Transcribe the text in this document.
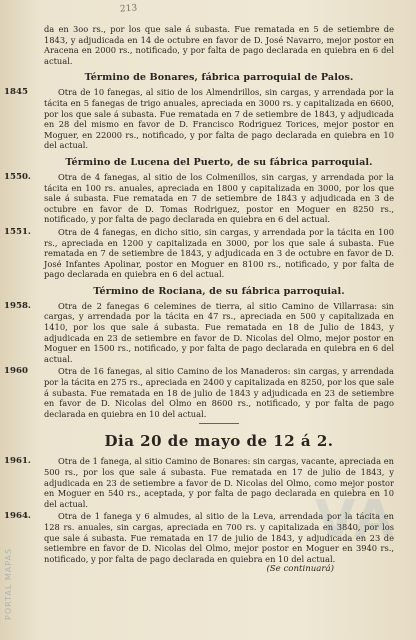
213

da en 3oo rs., por los que sale á subasta. Fue rematada en 5 de setiembre de 1843, y adjudicada en 14 de octubre en favor de D. José Navarro, mejor postor en Aracena en 2000 rs., notificado, y por falta de pago declarada en quiebra en 6 del actual.

Término de Bonares, fábrica parroquial de Palos.

1845	Otra de 10 fanegas, al sitio de los Almendrillos, sin cargas, y arrendada por la tácita en 5 fanegas de trigo anuales, apreciada en 3000 rs. y capitalizada en 6600, por los que sale á subasta. Fue rematada en 7 de setiembre de 1843, y adjudicada en 28 del mismo en favor de D. Francisco Rodriguez Torices, mejor postor en Moguer, en 22000 rs., notificado, y por falta de pago declarada en quiebra en 10 del actual.

Término de Lucena del Puerto, de su fábrica parroquial.

1550.	Otra de 4 fanegas, al sitio de los Colmenillos, sin cargas, y arrendada por la tácita en 100 rs. anuales, apreciada en 1800 y capitalizada en 3000, por los que sale á subasta. Fue rematada en 7 de setiembre de 1843 y adjudicada en 3 de octubre en favor de D. Tomas Rodriguez, postor en Moguer en 8250 rs., notificado, y por falta de pago declarada en quiebra en 6 del actual.

1551.	Otra de 4 fanegas, en dicho sitio, sin cargas, y arrendada por la tácita en 100 rs., apreciada en 1200 y capitalizada en 3000, por los que sale á subasta. Fue rematada en 7 de setiembre de 1843, y adjudicada en 3 de octubre en favor de D. José Infantes Apolinar, postor en Moguer en 8100 rs., notificado, y por falta de pago declarada en quiebra en 6 del actual.

Término de Rociana, de su fábrica parroquial.

1958.	Otra de 2 fanegas 6 celemines de tierra, al sitio Camino de Villarrasa: sin cargas, y arrendada por la tácita en 47 rs., apreciada en 500 y capitalizada en 1410, por los que sale á subasta. Fue rematada en 18 de Julio de 1843, y adjudicada en 23 de setiembre en favor de D. Nicolas del Olmo, mejor postor en Moguer en 1500 rs., notificado, y por falta de pago declarada en quiebra en 6 del actual.

1960	Otra de 16 fanegas, al sitio Camino de los Manaderos: sin cargas, y arrendada por la tácita en 275 rs., apreciada en 2400 y capitalizada en 8250, por los que sale á subasta. Fue rematada en 18 de julio de 1843 y adjudicada en 23 de setiembre en favor de D. Nicolas del Olmo en 8600 rs., notificado, y por falta de pago declarada en quiebra en 10 del actual.

Dia 20 de mayo de 12 á 2.

1961.	Otra de 1 fanega, al sitio Camino de Bonares: sin cargas, vacante, apreciada en 500 rs., por los que sale á subasta. Fue rematada en 17 de julio de 1843, y adjudicada en 23 de setiembre a favor de D. Nicolas del Olmo, como mejor postor en Moguer en 540 rs., aceptada, y por falta de pago declarada en quiebra en 10 del actual.

1964.	Otra de 1 fanega y 6 almudes, al sitio de la Leva, arrendada por la tácita en 128 rs. anuales, sin cargas, apreciada en 700 rs. y capitalizada en 3840, por los que sale á subasta. Fue rematada en 17 de julio de 1843, y adjudicada en 23 de setiembre en favor de D. Nicolas del Olmo, mejor postor en Moguer en 3940 rs., notificado, y por falta de pago declarada en quiebra en 10 del actual.

(Se continuará)
PORTAL MAPAS
VA
